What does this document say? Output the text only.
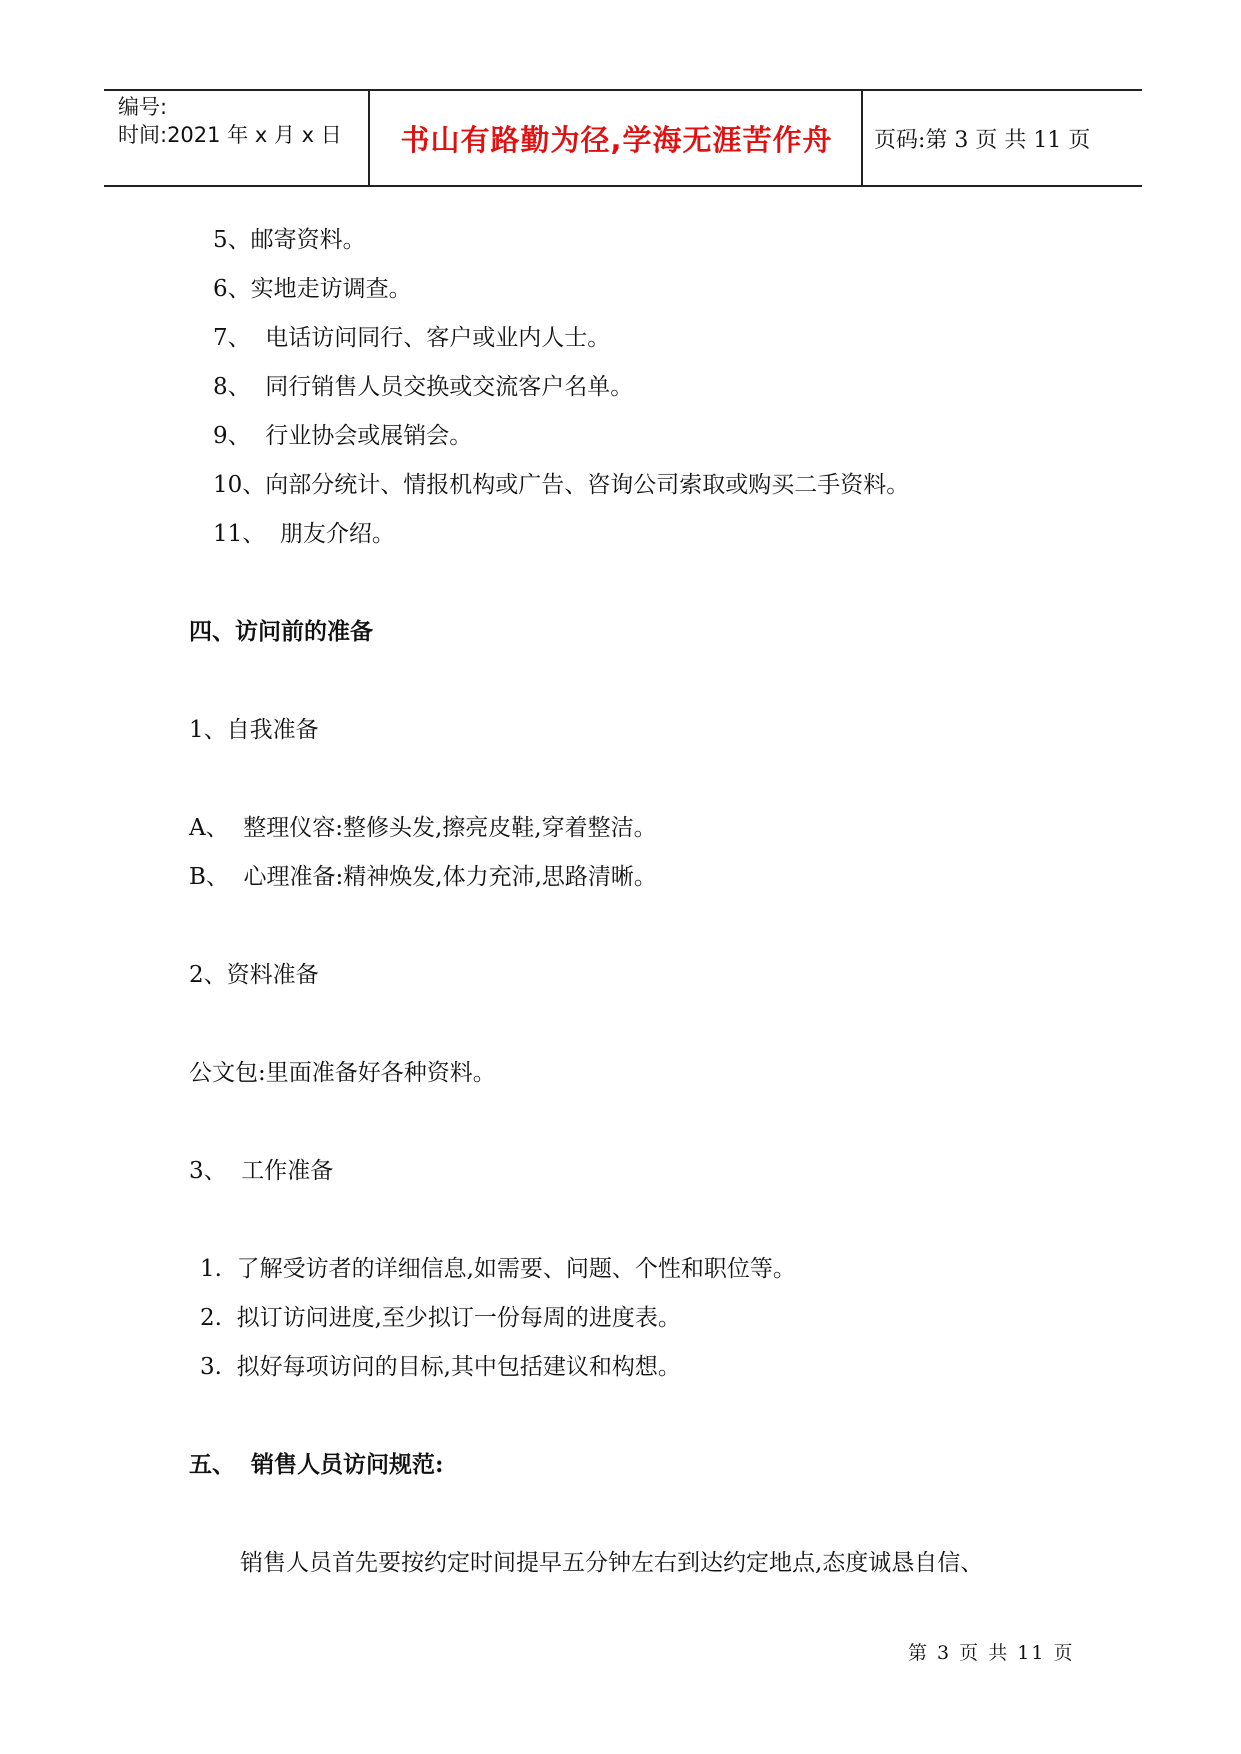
编号:
时间:2021 年 x 月 x 日	书山有路勤为径,学海无涯苦作舟	页码:第 3 页 共 11 页
5、邮寄资料。
6、实地走访调查。
7、  电话访问同行、客户或业内人士。
8、  同行销售人员交换或交流客户名单。
9、  行业协会或展销会。
10、向部分统计、情报机构或广告、咨询公司索取或购买二手资料。
11、  朋友介绍。
四、访问前的准备
1、自我准备
A、  整理仪容:整修头发,擦亮皮鞋,穿着整洁。
B、  心理准备:精神焕发,体力充沛,思路清晰。
2、资料准备
公文包:里面准备好各种资料。
3、  工作准备
1.  了解受访者的详细信息,如需要、问题、个性和职位等。
2.  拟订访问进度,至少拟订一份每周的进度表。
3.  拟好每项访问的目标,其中包括建议和构想。
五、  销售人员访问规范:
销售人员首先要按约定时间提早五分钟左右到达约定地点,态度诚恳自信、
第 3 页 共 11 页
